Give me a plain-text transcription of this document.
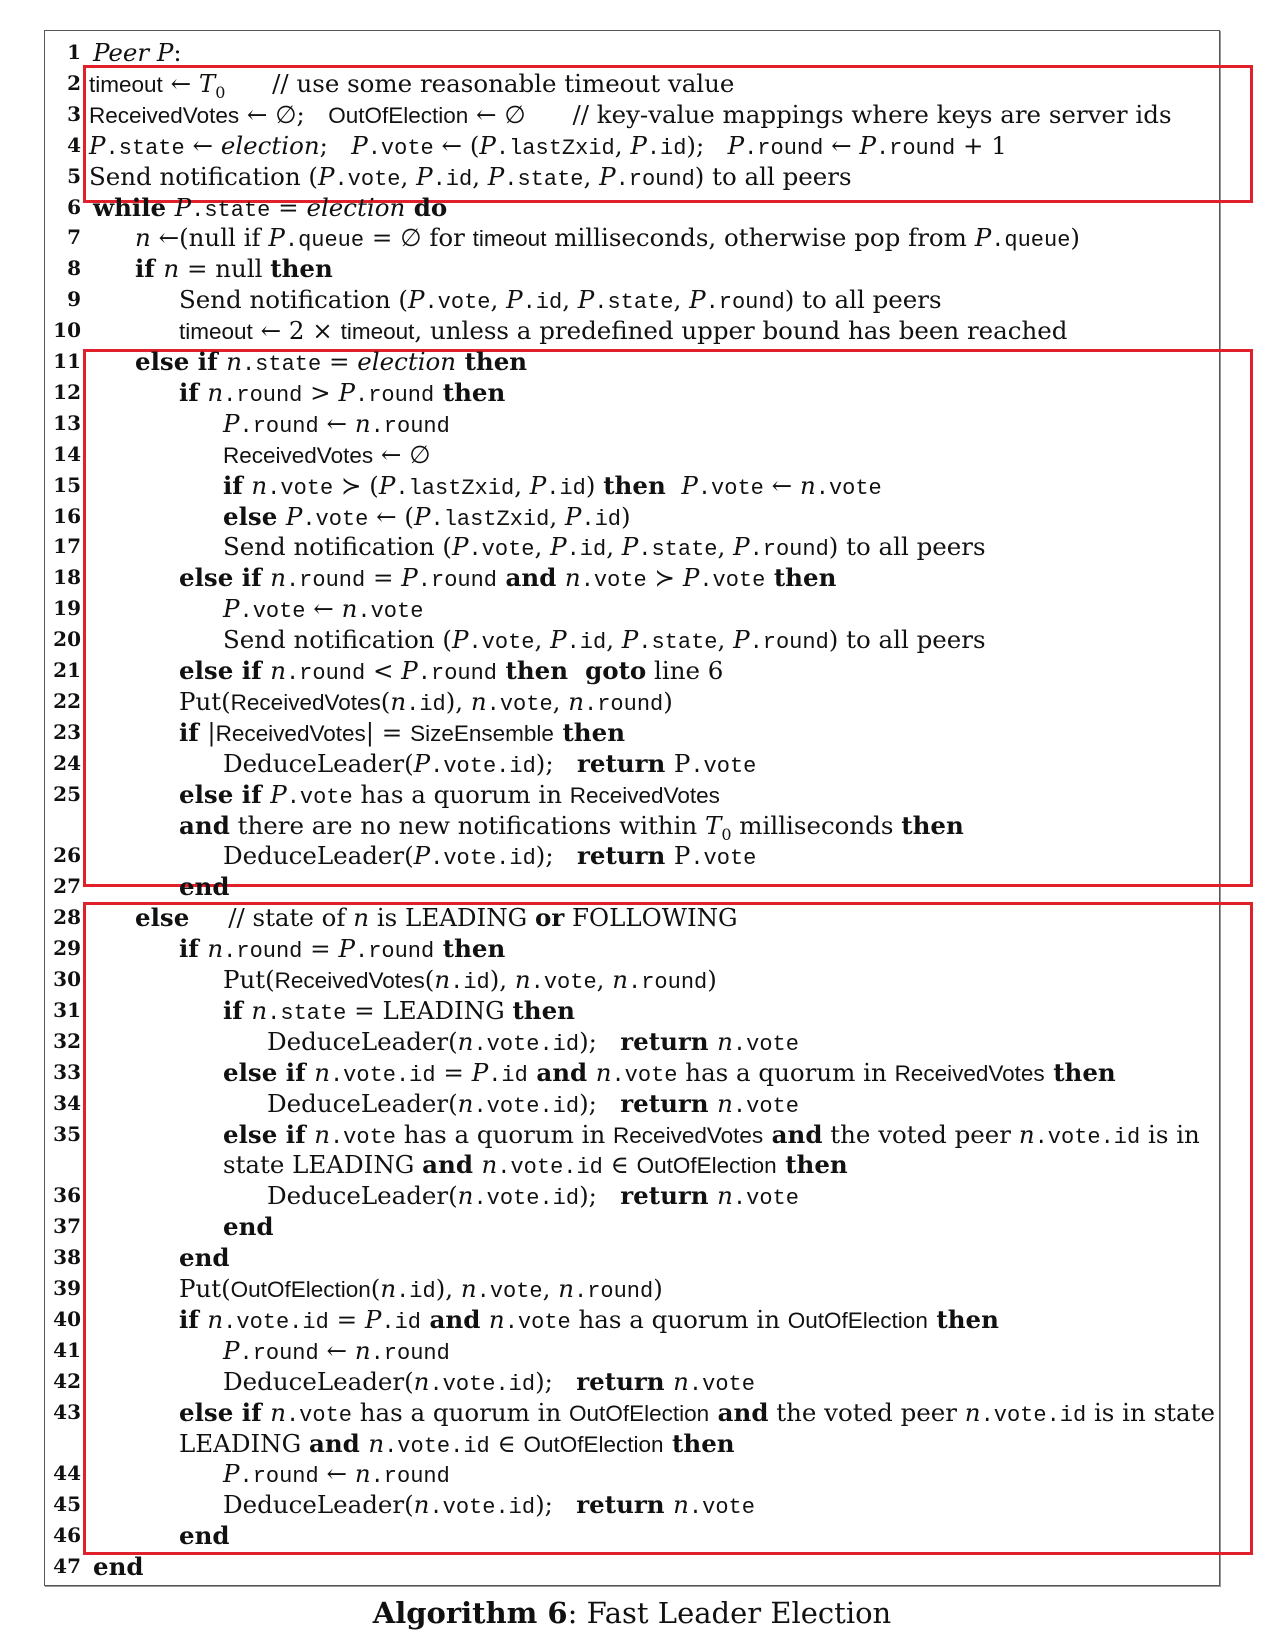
1 Peer P:
2 timeout ← $T_0$      // use some reasonable timeout value
3 ReceivedVotes ← ∅;   OutOfElection ← ∅      // key-value mappings where keys are server ids
4 P.state ← election;   P.vote ← (P.lastZxid, P.id);   P.round ← P.round + 1
5 Send notification (P.vote, P.id, P.state, P.round) to all peers
6 while P.state = election do
7 n ←(null if P.queue = ∅ for timeout milliseconds, otherwise pop from P.queue)
8 if n = null then
9	Send notification (P.vote, P.id, P.state, P.round) to all peers
10	timeout ← 2 × timeout, unless a predefined upper bound has been reached
11 else if n.state = election then
12	if n.round > P.round then
13	P.round ← n.round
14	ReceivedVotes ← ∅
15	if n.vote ≻ (P.lastZxid, P.id) then P.vote ← n.vote
16	else P.vote ← (P.lastZxid, P.id)
17	Send notification (P.vote, P.id, P.state, P.round) to all peers
18	else if n.round = P.round and n.vote ≻ P.vote then
19	P.vote ← n.vote
20	Send notification (P.vote, P.id, P.state, P.round) to all peers
21	else if n.round < P.round then  goto line 6
22	Put(ReceivedVotes(n.id), n.vote, n.round)
23	if |ReceivedVotes| = SizeEnsemble then
24	DeduceLeader(P.vote.id);   return P.vote
25	else if P.vote has a quorum in ReceivedVotes
and there are no new notifications within $T_0$ milliseconds then
26	DeduceLeader(P.vote.id);   return P.vote
27	end
28 else     // state of n is LEADING or FOLLOWING
29	if n.round = P.round then
30	Put(ReceivedVotes(n.id), n.vote, n.round)
31	if n.state = LEADING then
32	DeduceLeader(n.vote.id);   return n.vote
33	else if n.vote.id = P.id and n.vote has a quorum in ReceivedVotes then
34	DeduceLeader(n.vote.id);   return n.vote
35	else if n.vote has a quorum in ReceivedVotes and the voted peer n.vote.id is in
state LEADING and n.vote.id ∈ OutOfElection then
36	DeduceLeader(n.vote.id);   return n.vote
37	end
38	end
39	Put(OutOfElection(n.id), n.vote, n.round)
40	if n.vote.id = P.id and n.vote has a quorum in OutOfElection then
41	P.round ← n.round
42	DeduceLeader(n.vote.id);   return n.vote
43	else if n.vote has a quorum in OutOfElection and the voted peer n.vote.id is in state
LEADING and n.vote.id ∈ OutOfElection then
44	P.round ← n.round
45	DeduceLeader(n.vote.id);   return n.vote
46	end
47 end
Algorithm 6: Fast Leader Election
